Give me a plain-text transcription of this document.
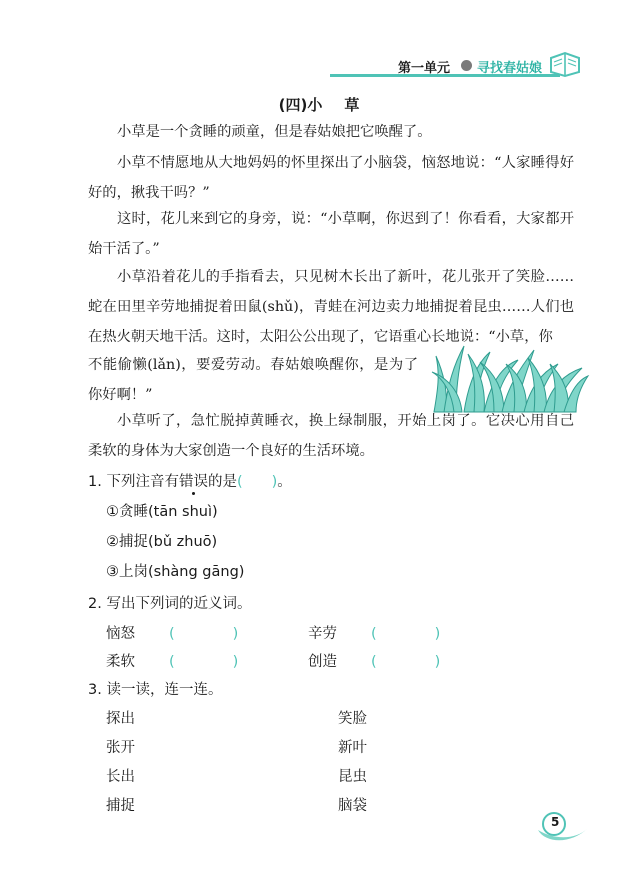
第一单元 寻找春姑娘
(四)小 草

小草是一个贪睡的顽童，但是春姑娘把它唤醒了。

小草不情愿地从大地妈妈的怀里探出了小脑袋，恼怒地说：“人家睡得好好的，揪我干吗？”

这时，花儿来到它的身旁，说：“小草啊，你迟到了！你看看，大家都开始干活了。”

小草沿着花儿的手指看去，只见树木长出了新叶，花儿张开了笑脸……蛇在田里辛劳地捕捉着田鼠(shǔ)，青蛙在河边卖力地捕捉着昆虫……人们也在热火朝天地干活。这时，太阳公公出现了，它语重心长地说：“小草，你

不能偷懒(lǎn)，要爱劳动。春姑娘唤醒你，是为了你好啊！”

小草听了，急忙脱掉黄睡衣，换上绿制服，开始上岗了。它决心用自己柔软的身体为大家创造一个良好的生活环境。

1. 下列注音有错误的是(　　)。
①贪睡(tān shuì)
②捕捉(bǔ zhuō)
③上岗(shàng gāng)
2. 写出下列词的近义词。
恼怒 (　　　　)	辛劳 (　　　　)
柔软 (　　　　)	创造 (　　　　)
3. 读一读，连一连。
探出
张开
长出
捕捉
笑脸
新叶
昆虫
脑袋
5
